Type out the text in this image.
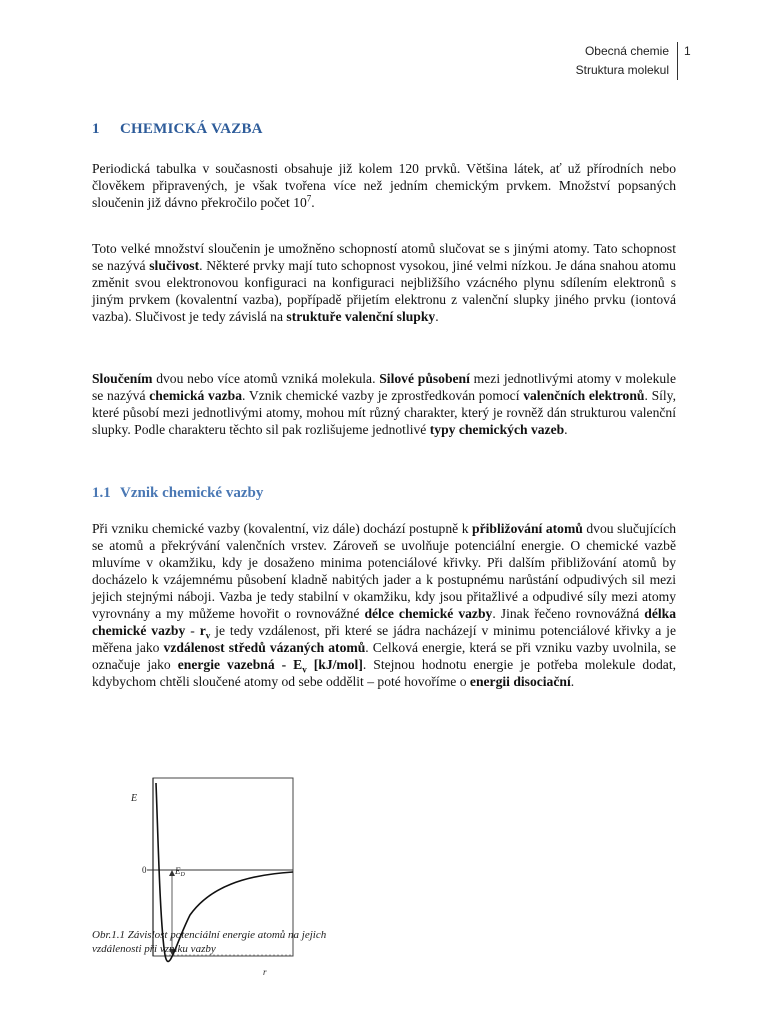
Obecná chemie
Struktura molekul
1
1 CHEMICKÁ VAZBA
Periodická tabulka v současnosti obsahuje již kolem 120 prvků. Většina látek, ať už přírodních nebo člověkem připravených, je však tvořena více než jedním chemickým prvkem. Množství popsaných sloučenin již dávno překročilo počet $10^7$.
Toto velké množství sloučenin je umožněno schopností atomů slučovat se s jinými atomy. Tato schopnost se nazývá slučivost. Některé prvky mají tuto schopnost vysokou, jiné velmi nízkou. Je dána snahou atomu změnit svou elektronovou konfiguraci na konfiguraci nejbližšího vzácného plynu sdílením elektronů s jiným prvkem (kovalentní vazba), popřípadě přijetím elektronu z valenční slupky jiného prvku (iontová vazba). Slučivost je tedy závislá na struktuře valenční slupky.
Sloučením dvou nebo více atomů vzniká molekula. Silové působení mezi jednotlivými atomy v molekule se nazývá chemická vazba. Vznik chemické vazby je zprostředkován pomocí valenčních elektronů. Síly, které působí mezi jednotlivými atomy, mohou mít různý charakter, který je rovněž dán strukturou valenční slupky. Podle charakteru těchto sil pak rozlišujeme jednotlivé typy chemických vazeb.
1.1 Vznik chemické vazby
Při vzniku chemické vazby (kovalentní, viz dále) dochází postupně k přibližování atomů dvou slučujících se atomů a překrývání valenčních vrstev. Zároveň se uvolňuje potenciální energie. O chemické vazbě mluvíme v okamžiku, kdy je dosaženo minima potenciálové křivky. Při dalším přibližování atomů by docházelo k vzájemnému působení kladně nabitých jader a k postupnému narůstání odpudivých sil mezi jejich stejnými náboji. Vazba je tedy stabilní v okamžiku, kdy jsou přitažlivé a odpudivé síly mezi atomy vyrovnány a my můžeme hovořit o rovnovážné délce chemické vazby. Jinak řečeno rovnovážná délka chemické vazby - $r_v$ je tedy vzdálenost, při které se jádra nacházejí v minimu potenciálové křivky a je měřena jako vzdálenost středů vázaných atomů. Celková energie, která se při vzniku vazby uvolnila, se označuje jako energie vazebná - $E_v$ [kJ/mol]. Stejnou hodnotu energie je potřeba molekule dodat, kdybychom chtěli sloučené atomy od sebe oddělit – poté hovoříme o energii disociační.
E
0	$E_D$
r
Obr.1.1 Závislost potenciální energie atomů na jejich vzdálenosti při vzniku vazby
